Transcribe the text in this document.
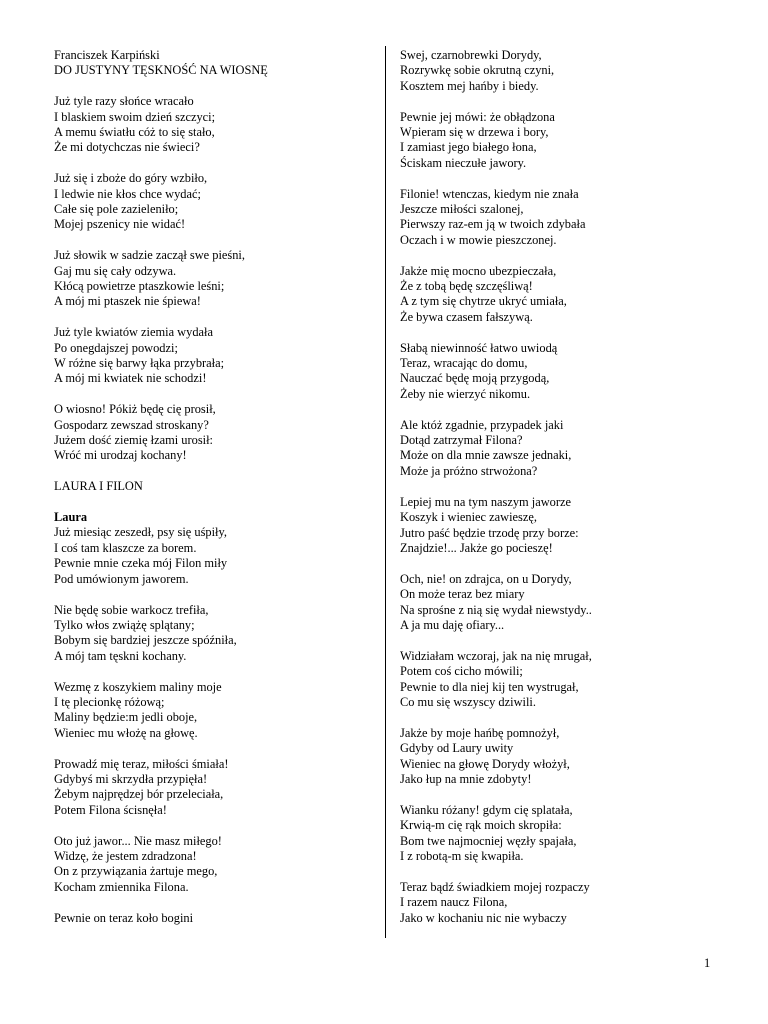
Franciszek Karpiński
DO JUSTYNY TĘSKNOŚĆ NA WIOSNĘ
Już tyle razy słońce wracało
I blaskiem swoim dzień szczyci;
A memu światłu cóż to się stało,
Że mi dotychczas nie świeci?
Już się i zboże do góry wzbiło,
I ledwie nie kłos chce wydać;
Całe się pole zazieleniło;
Mojej pszenicy nie widać!
Już słowik w sadzie zaczął swe pieśni,
Gaj mu się cały odzywa.
Kłócą powietrze ptaszkowie leśni;
A mój mi ptaszek nie śpiewa!
Już tyle kwiatów ziemia wydała
Po onegdajszej powodzi;
W różne się barwy łąka przybrała;
A mój mi kwiatek nie schodzi!
O wiosno! Pókiż będę cię prosił,
Gospodarz zewszad stroskany?
Jużem dość ziemię łzami urosił:
Wróć mi urodzaj kochany!
LAURA I FILON
Laura
Już miesiąc zeszedł, psy się uśpiły,
I coś tam klaszcze za borem.
Pewnie mnie czeka mój Filon miły
Pod umówionym jaworem.
Nie będę sobie warkocz trefiła,
Tylko włos zwiążę splątany;
Bobym się bardziej jeszcze spóźniła,
A mój tam tęskni kochany.
Wezmę z koszykiem maliny moje
I tę plecionkę różową;
Maliny będzie:m jedli oboje,
Wieniec mu włożę na głowę.
Prowadź mię teraz, miłości śmiała!
Gdybyś mi skrzydła przypięła!
Żebym najprędzej bór przeleciała,
Potem Filona ścisnęła!
Oto już jawor... Nie masz miłego!
Widzę, że jestem zdradzona!
On z przywiązania żartuje mego,
Kocham zmiennika Filona.
Pewnie on teraz koło bogini
Swej, czarnobrewki Dorydy,
Rozrywkę sobie okrutną czyni,
Kosztem mej hańby i biedy.
Pewnie jej mówi: że obłądzona
Wpieram się w drzewa i bory,
I zamiast jego białego łona,
Ściskam nieczułe jawory.
Filonie! wtenczas, kiedym nie znała
Jeszcze miłości szalonej,
Pierwszy raz-em ją w twoich zdybała
Oczach i w mowie pieszczonej.
Jakże mię mocno ubezpieczała,
Że z tobą będę szczęśliwą!
A z tym się chytrze ukryć umiała,
Że bywa czasem fałszywą.
Słabą niewinność łatwo uwiodą
Teraz, wracając do domu,
Nauczać będę moją przygodą,
Żeby nie wierzyć nikomu.
Ale któż zgadnie, przypadek jaki
Dotąd zatrzymał Filona?
Może on dla mnie zawsze jednaki,
Może ja próżno strwożona?
Lepiej mu na tym naszym jaworze
Koszyk i wieniec zawieszę,
Jutro paść będzie trzodę przy borze:
Znajdzie!... Jakże go pocieszę!
Och, nie! on zdrajca, on u Dorydy,
On może teraz bez miary
Na sprośne z nią się wydał niewstydy..
A ja mu daję ofiary...
Widziałam wczoraj, jak na nię mrugał,
Potem coś cicho mówili;
Pewnie to dla niej kij ten wystrugał,
Co mu się wszyscy dziwili.
Jakże by moje hańbę pomnożył,
Gdyby od Laury uwity
Wieniec na głowę Dorydy włożył,
Jako łup na mnie zdobyty!
Wianku różany! gdym cię splatała,
Krwią-m cię rąk moich skropiła:
Bom twe najmocniej węzły spajała,
I z robotą-m się kwapiła.
Teraz bądź świadkiem mojej rozpaczy
I razem naucz Filona,
Jako w kochaniu nic nie wybaczy
1
